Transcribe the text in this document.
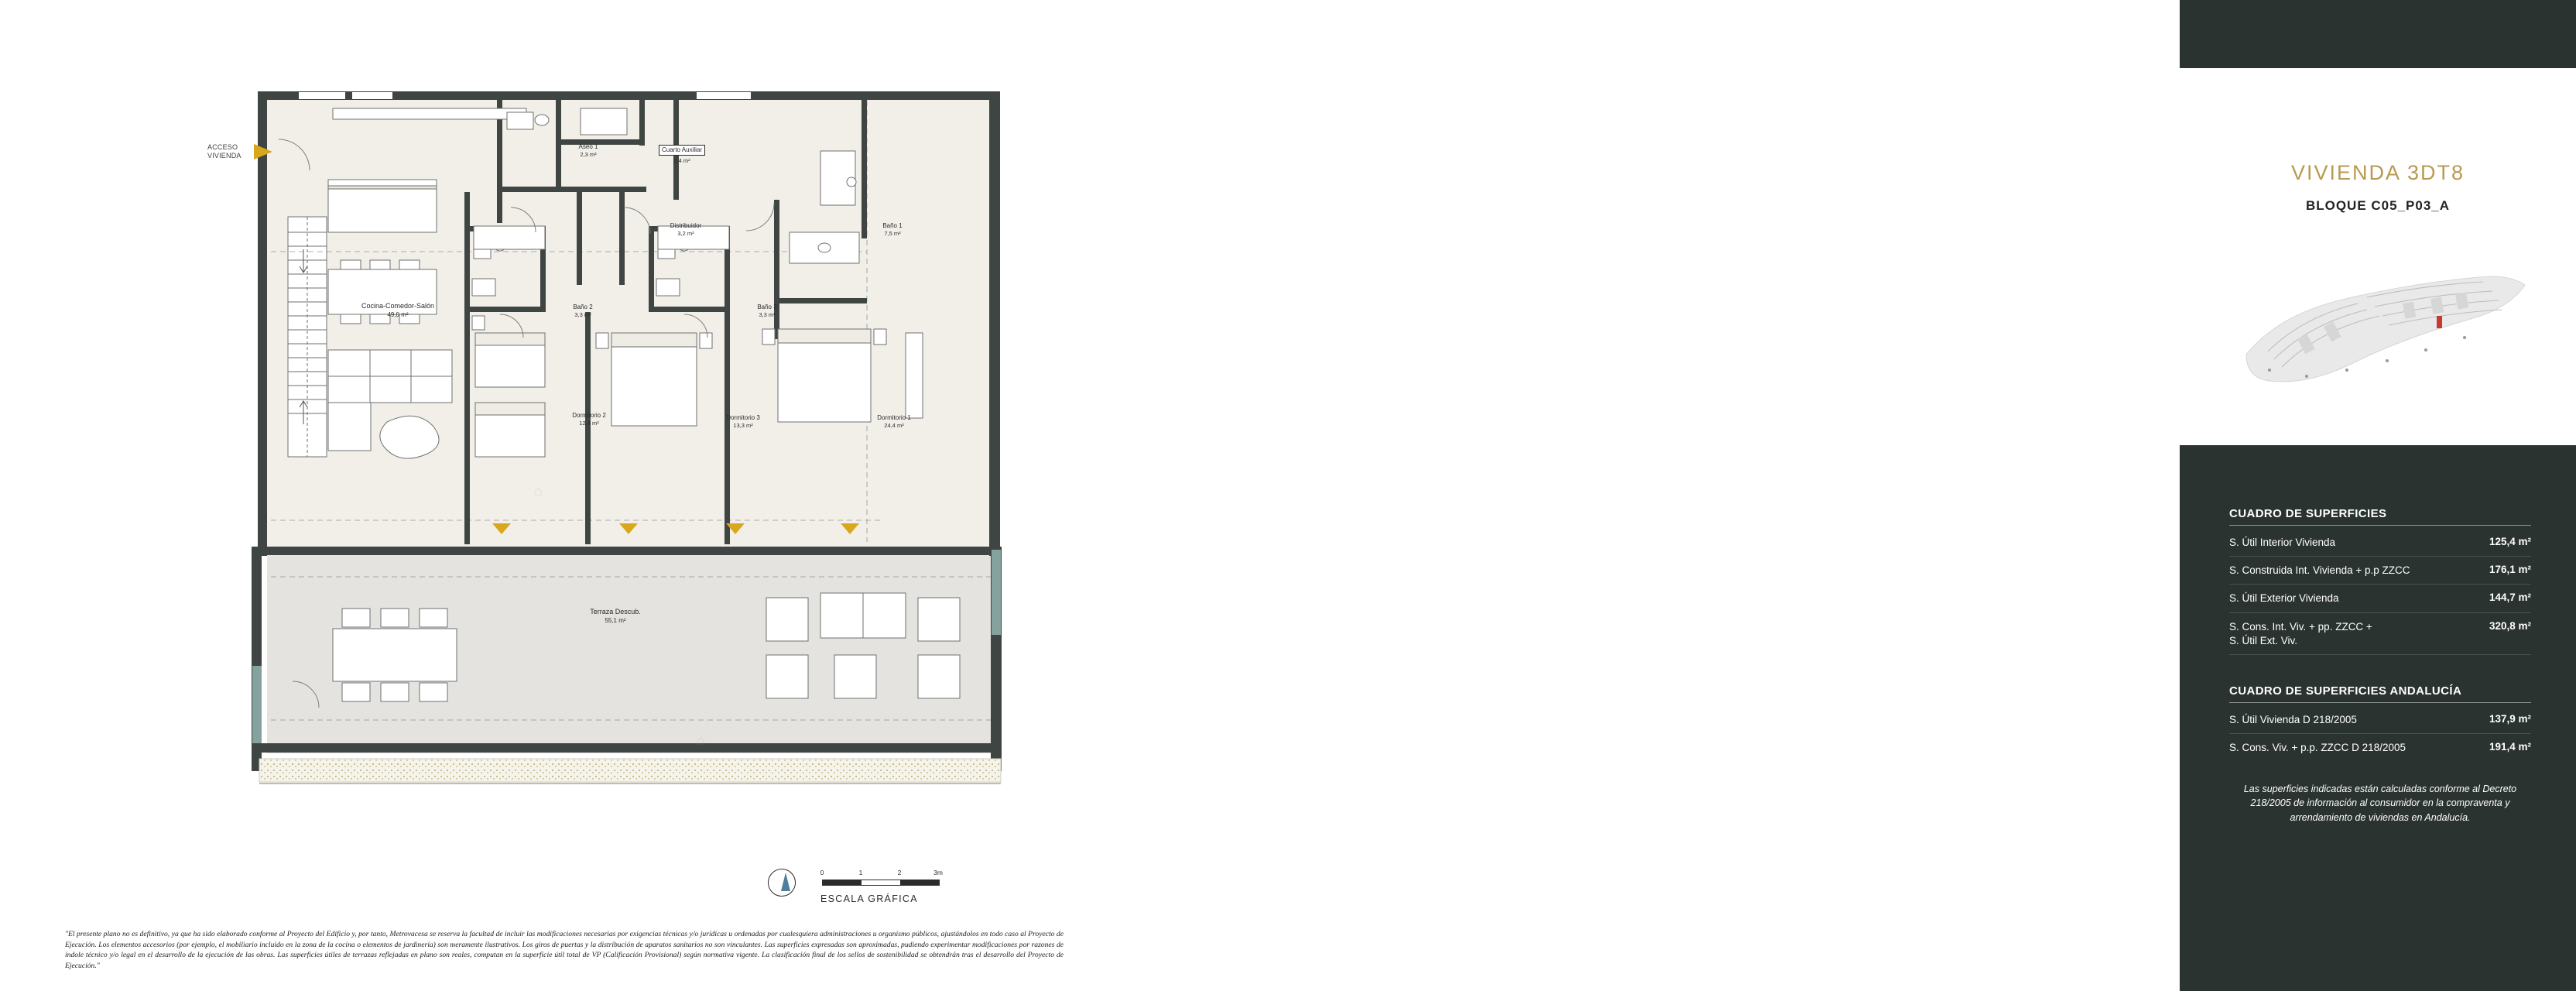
⌂
⌂
ACCESO
VIVIENDA
Aseo 1
2,3 m²
Cuarto Auxiliar
2,4 m²
Distribuidor
3,2 m²
Baño 1
7,5 m²
Cocina-Comedor-Salón
49,0 m²
Baño 2
3,3 m²
Baño 3
3,3 m²
Dormitorio 2
12,4 m²
Dormitorio 3
13,3 m²
Dormitorio 1
24,4 m²
Terraza Descub.
55,1 m²
0	1	2	3m
ESCALA GRÁFICA
"El presente plano no es definitivo, ya que ha sido elaborado conforme al Proyecto del Edificio y, por tanto, Metrovacesa se reserva la facultad de incluir las modificaciones necesarias por exigencias técnicas y/o jurídicas u ordenadas por cualesquiera administraciones u organismo públicos, ajustándolos en todo caso al Proyecto de Ejecución. Los elementos accesorios (por ejemplo, el mobiliario incluido en la zona de la cocina o elementos de jardinería) son meramente ilustrativos. Los giros de puertas y la distribución de aparatos sanitarios no son vinculantes. Las superficies expresadas son aproximadas, pudiendo experimentar modificaciones por razones de índole técnico y/o legal en el desarrollo de la ejecución de las obras. Las superficies útiles de terrazas reflejadas en plano son reales, computan en la superficie útil total de VP (Calificación Provisional) según normativa vigente. La clasificación final de los sellos de sostenibilidad se obtendrán tras el desarrollo del Proyecto de Ejecución."
VIVIENDA 3DT8
BLOQUE C05_P03_A
CUADRO DE SUPERFICIES
S. Útil Interior Vivienda	125,4 m²
S. Construida Int. Vivienda + p.p ZZCC	176,1 m²
S. Útil Exterior Vivienda	144,7 m²
S. Cons. Int. Viv. + pp. ZZCC +
S. Útil Ext. Viv.
320,8 m²
CUADRO DE SUPERFICIES ANDALUCÍA
S. Útil Vivienda D 218/2005	137,9 m²
S. Cons. Viv. + p.p. ZZCC D 218/2005	191,4 m²
Las superficies indicadas están calculadas conforme al Decreto 218/2005 de información al consumidor en la compraventa y arrendamiento de viviendas en Andalucía.
